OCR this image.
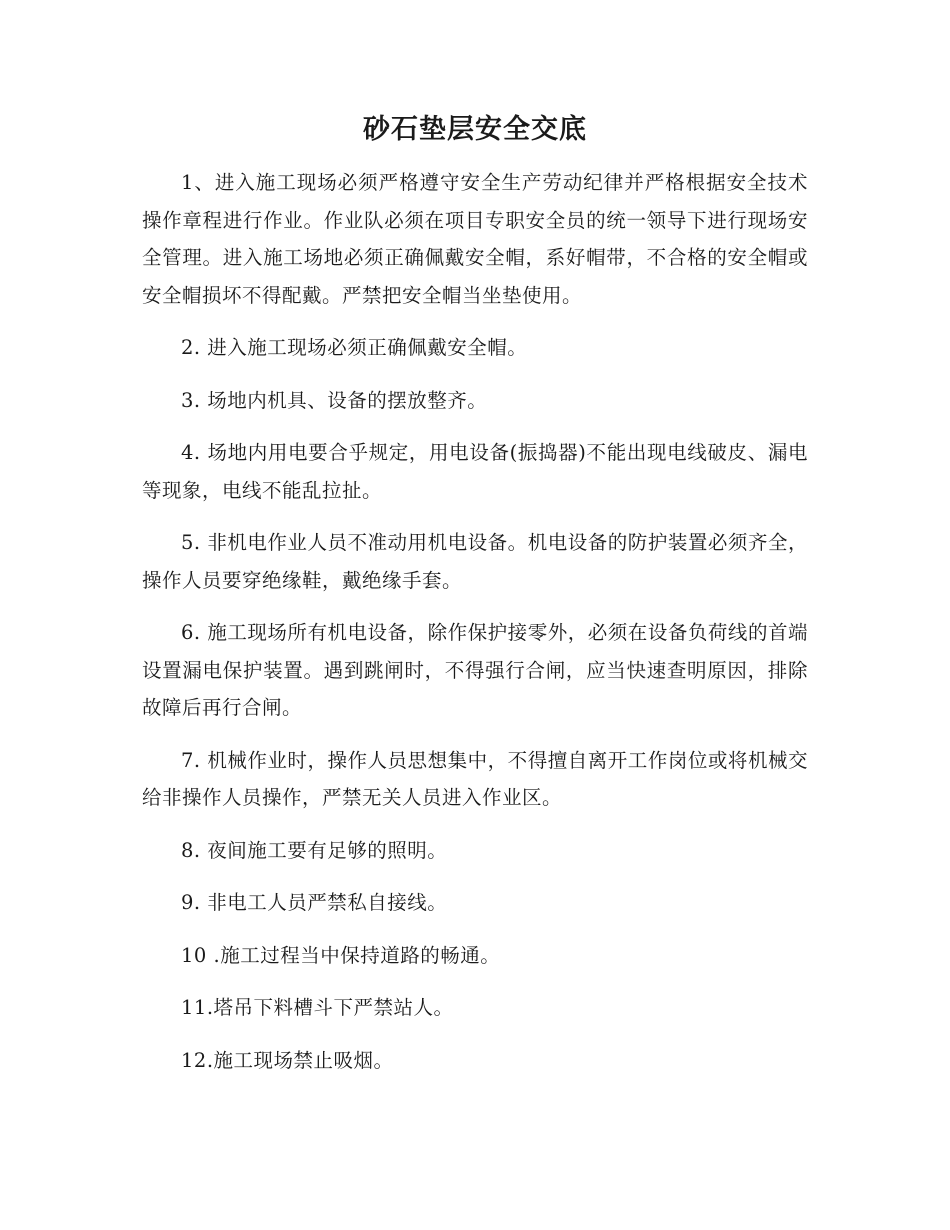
砂石垫层安全交底

1、进入施工现场必须严格遵守安全生产劳动纪律并严格根据安全技术操作章程进行作业。作业队必须在项目专职安全员的统一领导下进行现场安全管理。进入施工场地必须正确佩戴安全帽，系好帽带，不合格的安全帽或安全帽损坏不得配戴。严禁把安全帽当坐垫使用。

2. 进入施工现场必须正确佩戴安全帽。

3. 场地内机具、设备的摆放整齐。

4. 场地内用电要合乎规定，用电设备(振捣器)不能出现电线破皮、漏电等现象，电线不能乱拉扯。

5. 非机电作业人员不准动用机电设备。机电设备的防护装置必须齐全，操作人员要穿绝缘鞋，戴绝缘手套。

6. 施工现场所有机电设备，除作保护接零外，必须在设备负荷线的首端设置漏电保护装置。遇到跳闸时，不得强行合闸，应当快速查明原因，排除故障后再行合闸。

7. 机械作业时，操作人员思想集中，不得擅自离开工作岗位或将机械交给非操作人员操作，严禁无关人员进入作业区。

8. 夜间施工要有足够的照明。

9. 非电工人员严禁私自接线。

10 .施工过程当中保持道路的畅通。

11.塔吊下料槽斗下严禁站人。

12.施工现场禁止吸烟。
